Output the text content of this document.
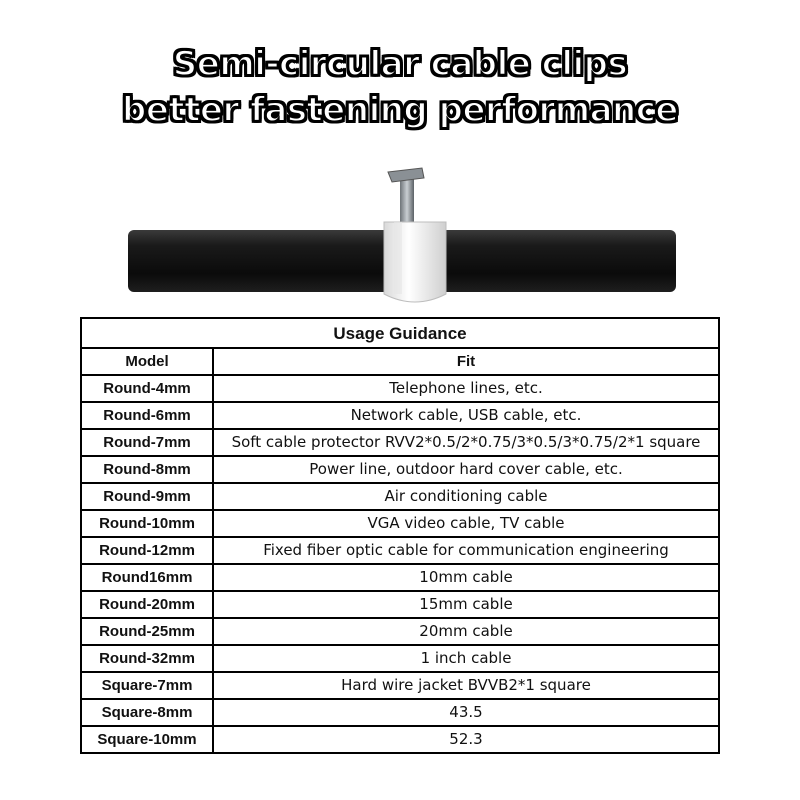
Semi-circular cable clips
better fastening performance
Usage Guidance	
Model	Fit
Round-4mm	Telephone lines, etc.
Round-6mm	Network cable, USB cable, etc.
Round-7mm	Soft cable protector RVV2*0.5/2*0.75/3*0.5/3*0.75/2*1 square
Round-8mm	Power line, outdoor hard cover cable, etc.
Round-9mm	Air conditioning cable
Round-10mm	VGA video cable, TV cable
Round-12mm	Fixed fiber optic cable for communication engineering
Round16mm	10mm cable
Round-20mm	15mm cable
Round-25mm	20mm cable
Round-32mm	1 inch cable
Square-7mm	Hard wire jacket BVVB2*1 square
Square-8mm	43.5
Square-10mm	52.3
